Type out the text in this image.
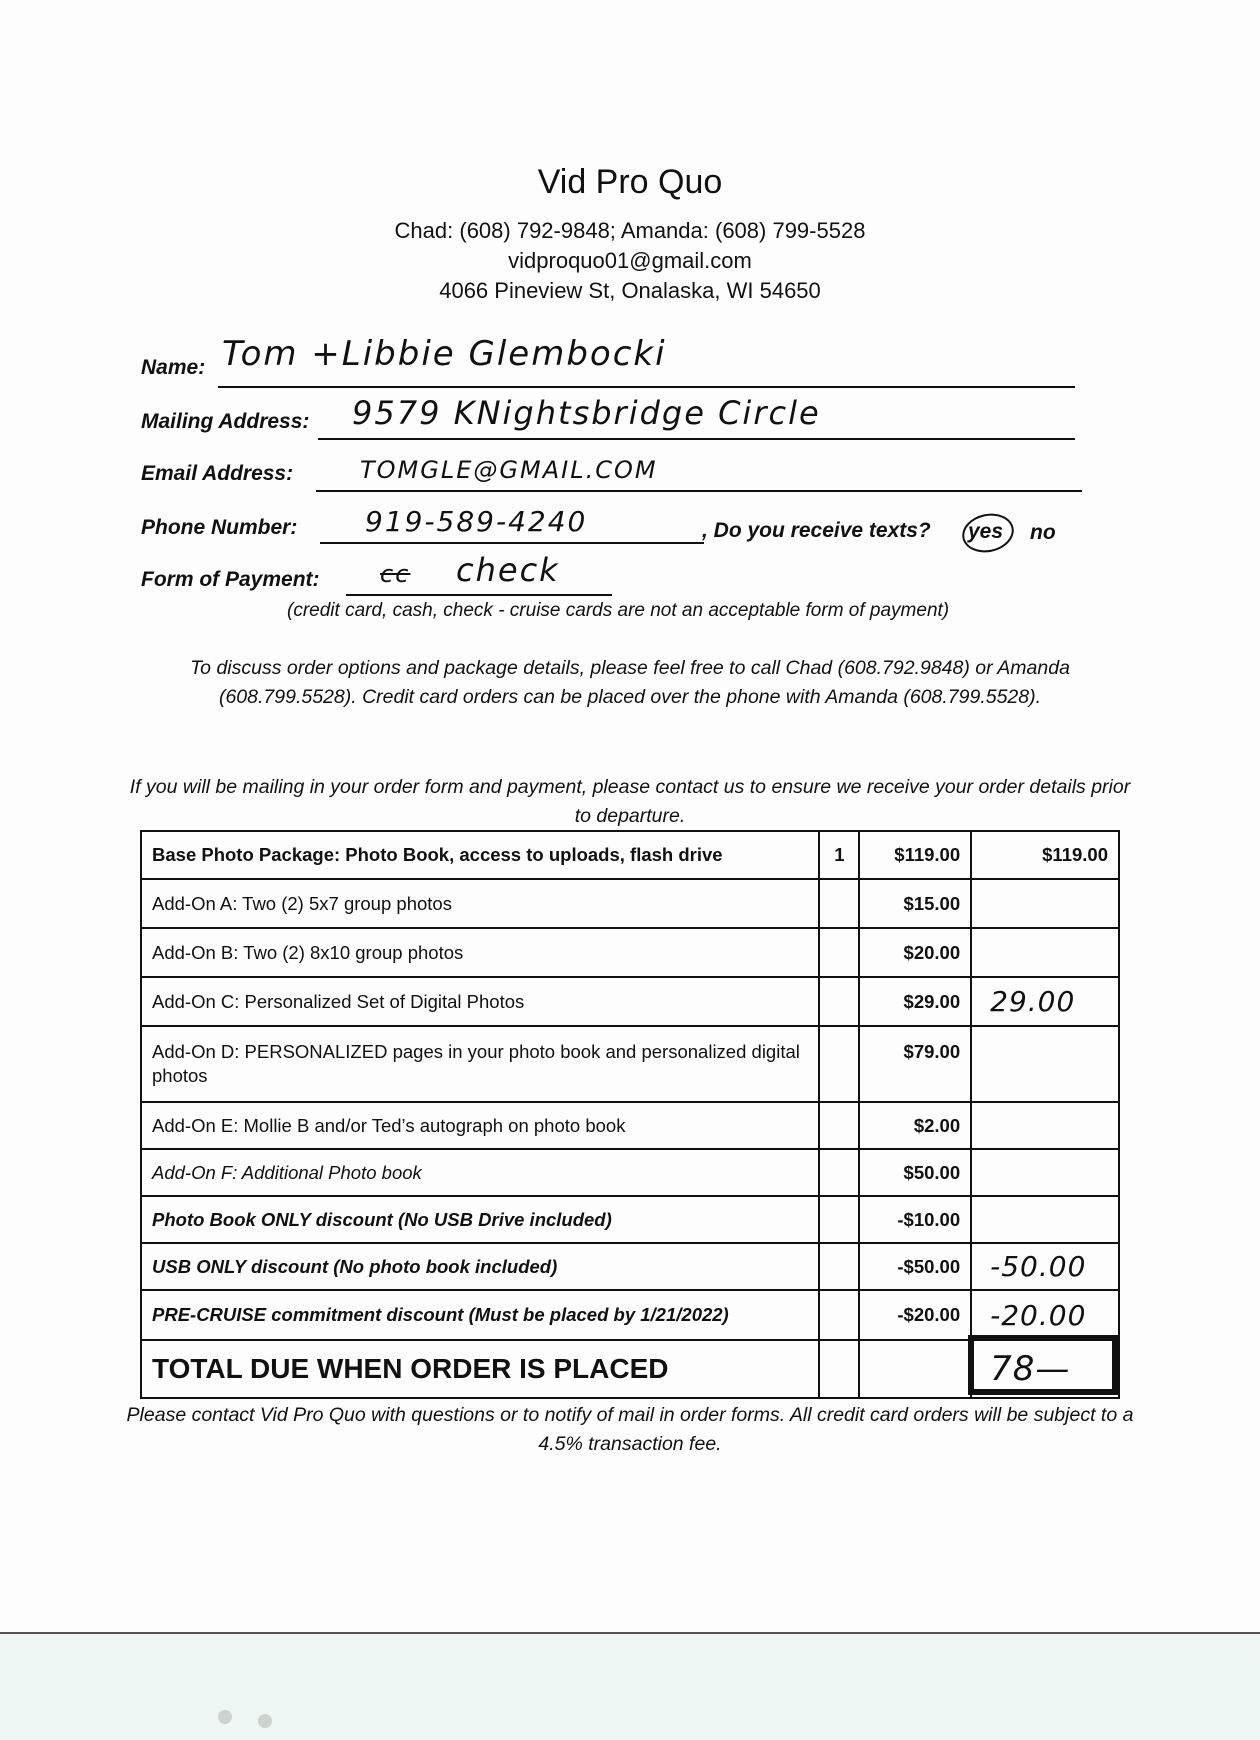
Vid Pro Quo
Chad: (608) 792-9848; Amanda: (608) 799-5528
vidproquo01@gmail.com
4066 Pineview St, Onalaska, WI 54650
Name: Tom +Libbie Glembocki
Mailing Address: 9579 KNightsbridge Circle
Email Address:	TOMGLE@GMAIL.COM
Phone Number: 919-589-4240	, Do you receive texts? yes no
Form of Payment:	cc check
(credit card, cash, check - cruise cards are not an acceptable form of payment)
To discuss order options and package details, please feel free to call Chad (608.792.9848) or Amanda (608.799.5528). Credit card orders can be placed over the phone with Amanda (608.799.5528).
If you will be mailing in your order form and payment, please contact us to ensure we receive your order details prior to departure.
Base Photo Package: Photo Book, access to uploads, flash drive	1	$119.00	$119.00
Add-On A: Two (2) 5x7 group photos		$15.00	
Add-On B: Two (2) 8x10 group photos		$20.00	
Add-On C: Personalized Set of Digital Photos		$29.00	29.00

Add-On D: PERSONALIZED pages in your photo book and personalized digital photos		$79.00	
Add-On E: Mollie B and/or Ted’s autograph on photo book		$2.00	
Add-On F: Additional Photo book		$50.00	
Photo Book ONLY discount (No USB Drive included)		-$10.00	
USB ONLY discount (No photo book included)		-$50.00	-50.00

PRE-CRUISE commitment discount (Must be placed by 1/21/2022)		-$20.00	-20.00

TOTAL DUE WHEN ORDER IS PLACED			78—
Please contact Vid Pro Quo with questions or to notify of mail in order forms. All credit card orders will be subject to a 4.5% transaction fee.
